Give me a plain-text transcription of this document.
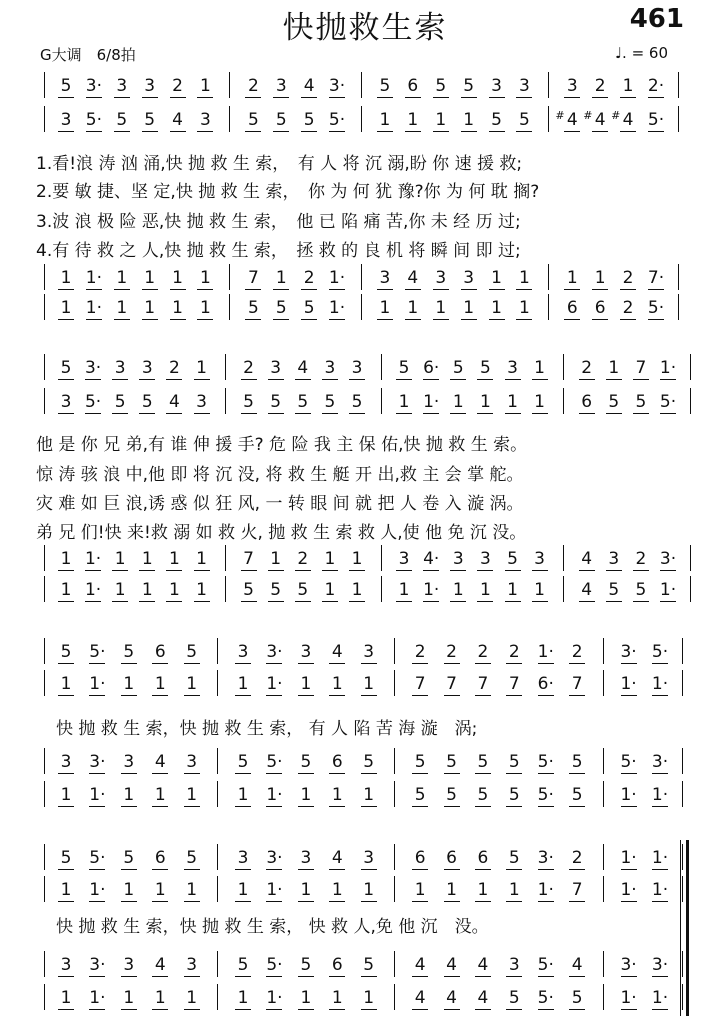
快抛救生索	461
G大调　6/8拍	♩. = 60
5 3· 3	3	2	1	2	3	4 3·	5	6	5	5	3	3	3	2	1 2·
3 5· 5	5	4	3	5	5	5 5·	1	1	1	1	5	5	# 4 # 4 # 4 5·
1.看!浪 涛 汹 涌,快 抛 救 生 索，　有 人 将 沉 溺,盼 你 速 援 救;
2.要 敏 捷、坚 定,快 抛 救 生 索，　你 为 何 犹 豫?你 为 何 耽 搁?
3.波 浪 极 险 恶,快 抛 救 生 索，　他 已 陷 痛 苦,你 未 经 历 过;
4.有 待 救 之 人,快 抛 救 生 索，　拯 救 的 良 机 将 瞬 间 即 过;
1 1· 1	1	1	1	7	1	2 1·	3	4	3	3	1	1	1	1	2 7·
1 1· 1	1	1	1	5	5	5 1·	1	1	1	1	1	1	6	6	2 5·
5 3· 3 3 2 1	2 3 4 3 3	5 6· 5 5 3 1	2 1 7 1·
3 5· 5 5 4 3	5 5 5 5 5	1 1· 1 1 1 1	6 5 5 5·
他 是 你 兄 弟,有 谁 伸 援 手? 危 险 我 主 保 佑,快 抛 救 生 索。
惊 涛 骇 浪 中,他 即 将 沉 没, 将 救 生 艇 开 出,救 主 会 掌 舵。
灾 难 如 巨 浪,诱 惑 似 狂 风, 一 转 眼 间 就 把 人 卷 入 漩 涡。
弟 兄 们!快 来!救 溺 如 救 火, 抛 救 生 索 救 人,使 他 免 沉 没。
1 1· 1 1 1 1	7 1 2 1 1	3 4· 3 3 5 3	4 3 2 3·
1 1· 1 1 1 1	5 5 5 1 1	1 1· 1 1 1 1	4 5 5 1·
5	5·	5	6	5	3	3·	3	4	3	2	2	2	2	1·	2	3· 5·
1	1·	1	1	1	1	1·	1	1	1	7	7	7	7	6·	7	1· 1·
快 抛 救 生 索，快 抛 救 生 索， 有 人 陷 苦 海 漩　涡;
3	3·	3	4	3	5	5·	5	6	5	5	5	5	5	5·	5	5· 3·
1	1·	1	1	1	1	1·	1	1	1	5	5	5	5	5·	5	1· 1·
5	5·	5	6	5	3	3·	3	4	3	6	6	6	5	3·	2	1· 1·
1	1·	1	1	1	1	1·	1	1	1	1	1	1	1	1·	7	1· 1·
快 抛 救 生 索，快 抛 救 生 索， 快 救 人,免 他 沉　没。
3	3·	3	4	3	5	5·	5	6	5	4	4	4	3	5·	4	3· 3·
1	1·	1	1	1	1	1·	1	1	1	4	4	4	5	5·	5	1· 1·
